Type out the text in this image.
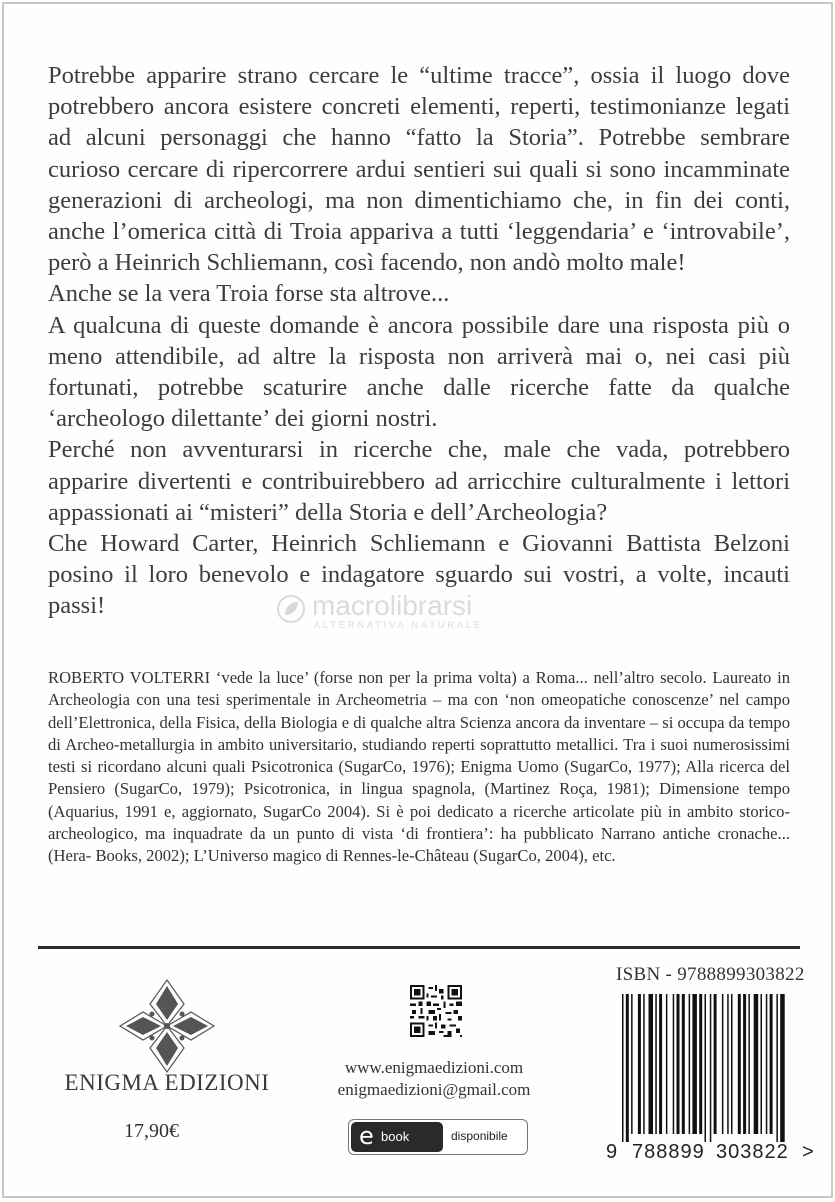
Potrebbe apparire strano cercare le “ultime tracce”, ossia il luogo dove potrebbero ancora esistere concreti elementi, reperti, testimonianze legati ad alcuni personaggi che hanno “fatto la Storia”. Potrebbe sembrare curioso cercare di ripercorrere ardui sentieri sui quali si sono incamminate generazioni di archeologi, ma non dimentichiamo che, in fin dei conti, anche l’omerica città di Troia appariva a tutti ‘leggendaria’ e ‘introvabile’, però a Heinrich Schliemann, così facendo, non andò molto male!

Anche se la vera Troia forse sta altrove...

A qualcuna di queste domande è ancora possibile dare una risposta più o meno attendibile, ad altre la risposta non arriverà mai o, nei casi più fortunati, potrebbe scaturire anche dalle ricerche fatte da qualche ‘archeologo dilettante’ dei giorni nostri.

Perché non avventurarsi in ricerche che, male che vada, potrebbero apparire divertenti e contribuirebbero ad arricchire culturalmente i lettori appassionati ai “misteri” della Storia e dell’Archeologia?

Che Howard Carter, Heinrich Schliemann e Giovanni Battista Belzoni posino il loro benevolo e indagatore sguardo sui vostri, a volte, incauti passi!	macrolibrarsi
ALTERNATIVA NATURALE

ROBERTO VOLTERRI ‘vede la luce’ (forse non per la prima volta) a Roma... nell’altro secolo. Laureato in Archeologia con una tesi sperimentale in Archeometria – ma con ‘non omeopatiche conoscenze’ nel campo dell’Elettronica, della Fisica, della Biologia e di qualche altra Scienza ancora da inventare – si occupa da tempo di Archeo-metallurgia in ambito universitario, studiando reperti soprattutto metallici. Tra i suoi numerosissimi testi si ricordano alcuni quali Psicotronica (SugarCo, 1976); Enigma Uomo (SugarCo, 1977); Alla ricerca del Pensiero (SugarCo, 1979); Psicotronica, in lingua spagnola, (Martinez Roça, 1981); Dimensione tempo (Aquarius, 1991 e, aggiornato, SugarCo 2004). Si è poi dedicato a ricerche articolate più in ambito storico-archeologico, ma inquadrate da un punto di vista ‘di frontiera’: ha pubblicato Narrano antiche cronache... (Hera- Books, 2002); L’Universo magico di Rennes-le-Château (SugarCo, 2004), etc.

ENIGMA EDIZIONI
17,90€
www.enigmaedizioni.com
enigmaedizioni@gmail.com
e book	disponibile
ISBN - 9788899303822
9 788899 303822 >
